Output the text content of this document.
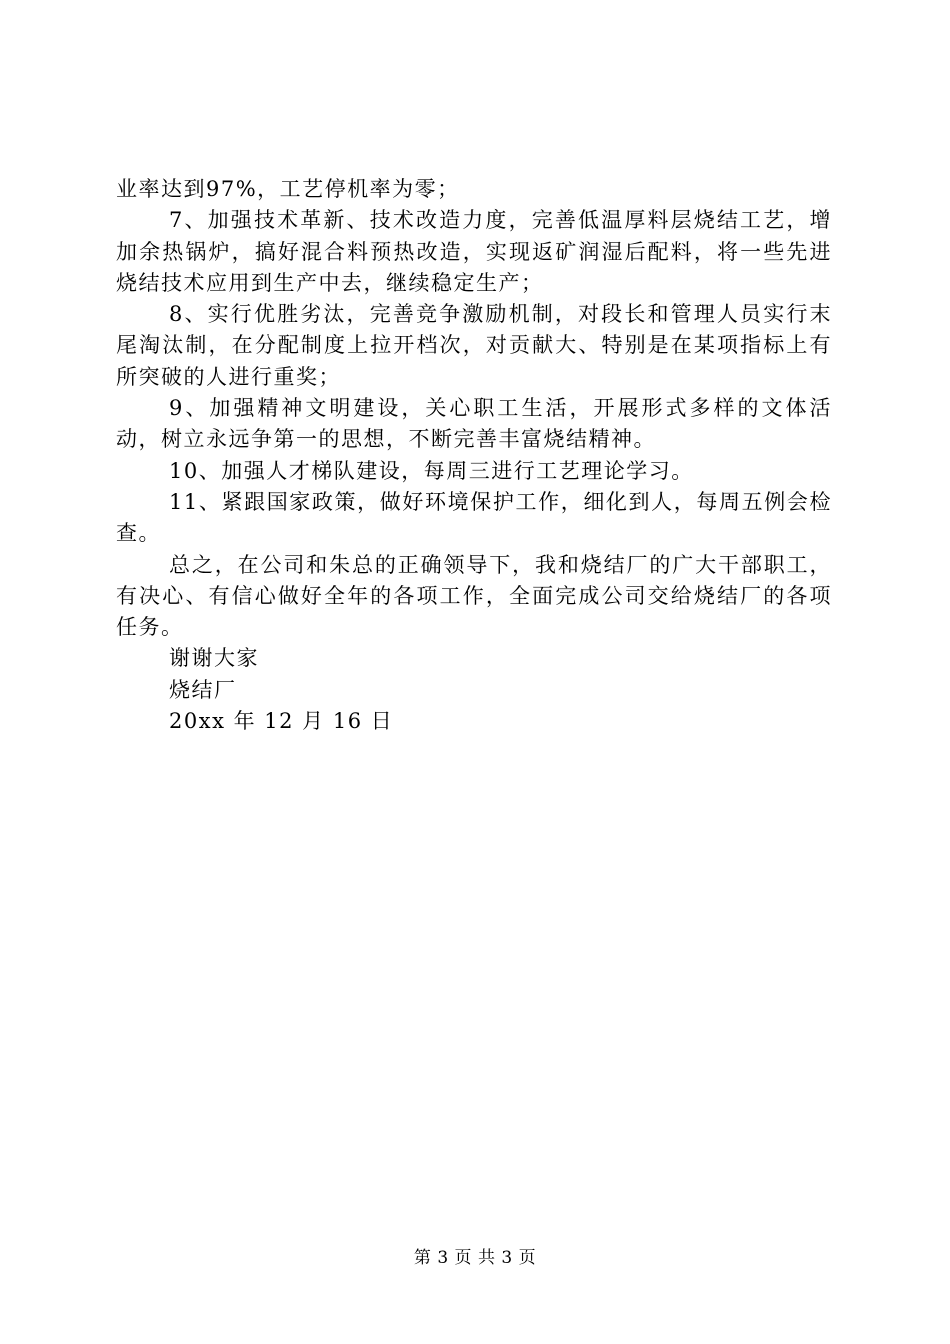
业率达到97%，工艺停机率为零；

7、加强技术革新、技术改造力度，完善低温厚料层烧结工艺，增加余热锅炉，搞好混合料预热改造，实现返矿润湿后配料，将一些先进烧结技术应用到生产中去，继续稳定生产；

8、实行优胜劣汰，完善竞争激励机制，对段长和管理人员实行末尾淘汰制，在分配制度上拉开档次，对贡献大、特别是在某项指标上有所突破的人进行重奖；

9、加强精神文明建设，关心职工生活，开展形式多样的文体活动，树立永远争第一的思想，不断完善丰富烧结精神。

10、加强人才梯队建设，每周三进行工艺理论学习。

11、紧跟国家政策，做好环境保护工作，细化到人，每周五例会检查。

总之，在公司和朱总的正确领导下，我和烧结厂的广大干部职工，有决心、有信心做好全年的各项工作，全面完成公司交给烧结厂的各项任务。

谢谢大家

烧结厂

20xx 年 12 月 16 日

第 3 页 共 3 页
